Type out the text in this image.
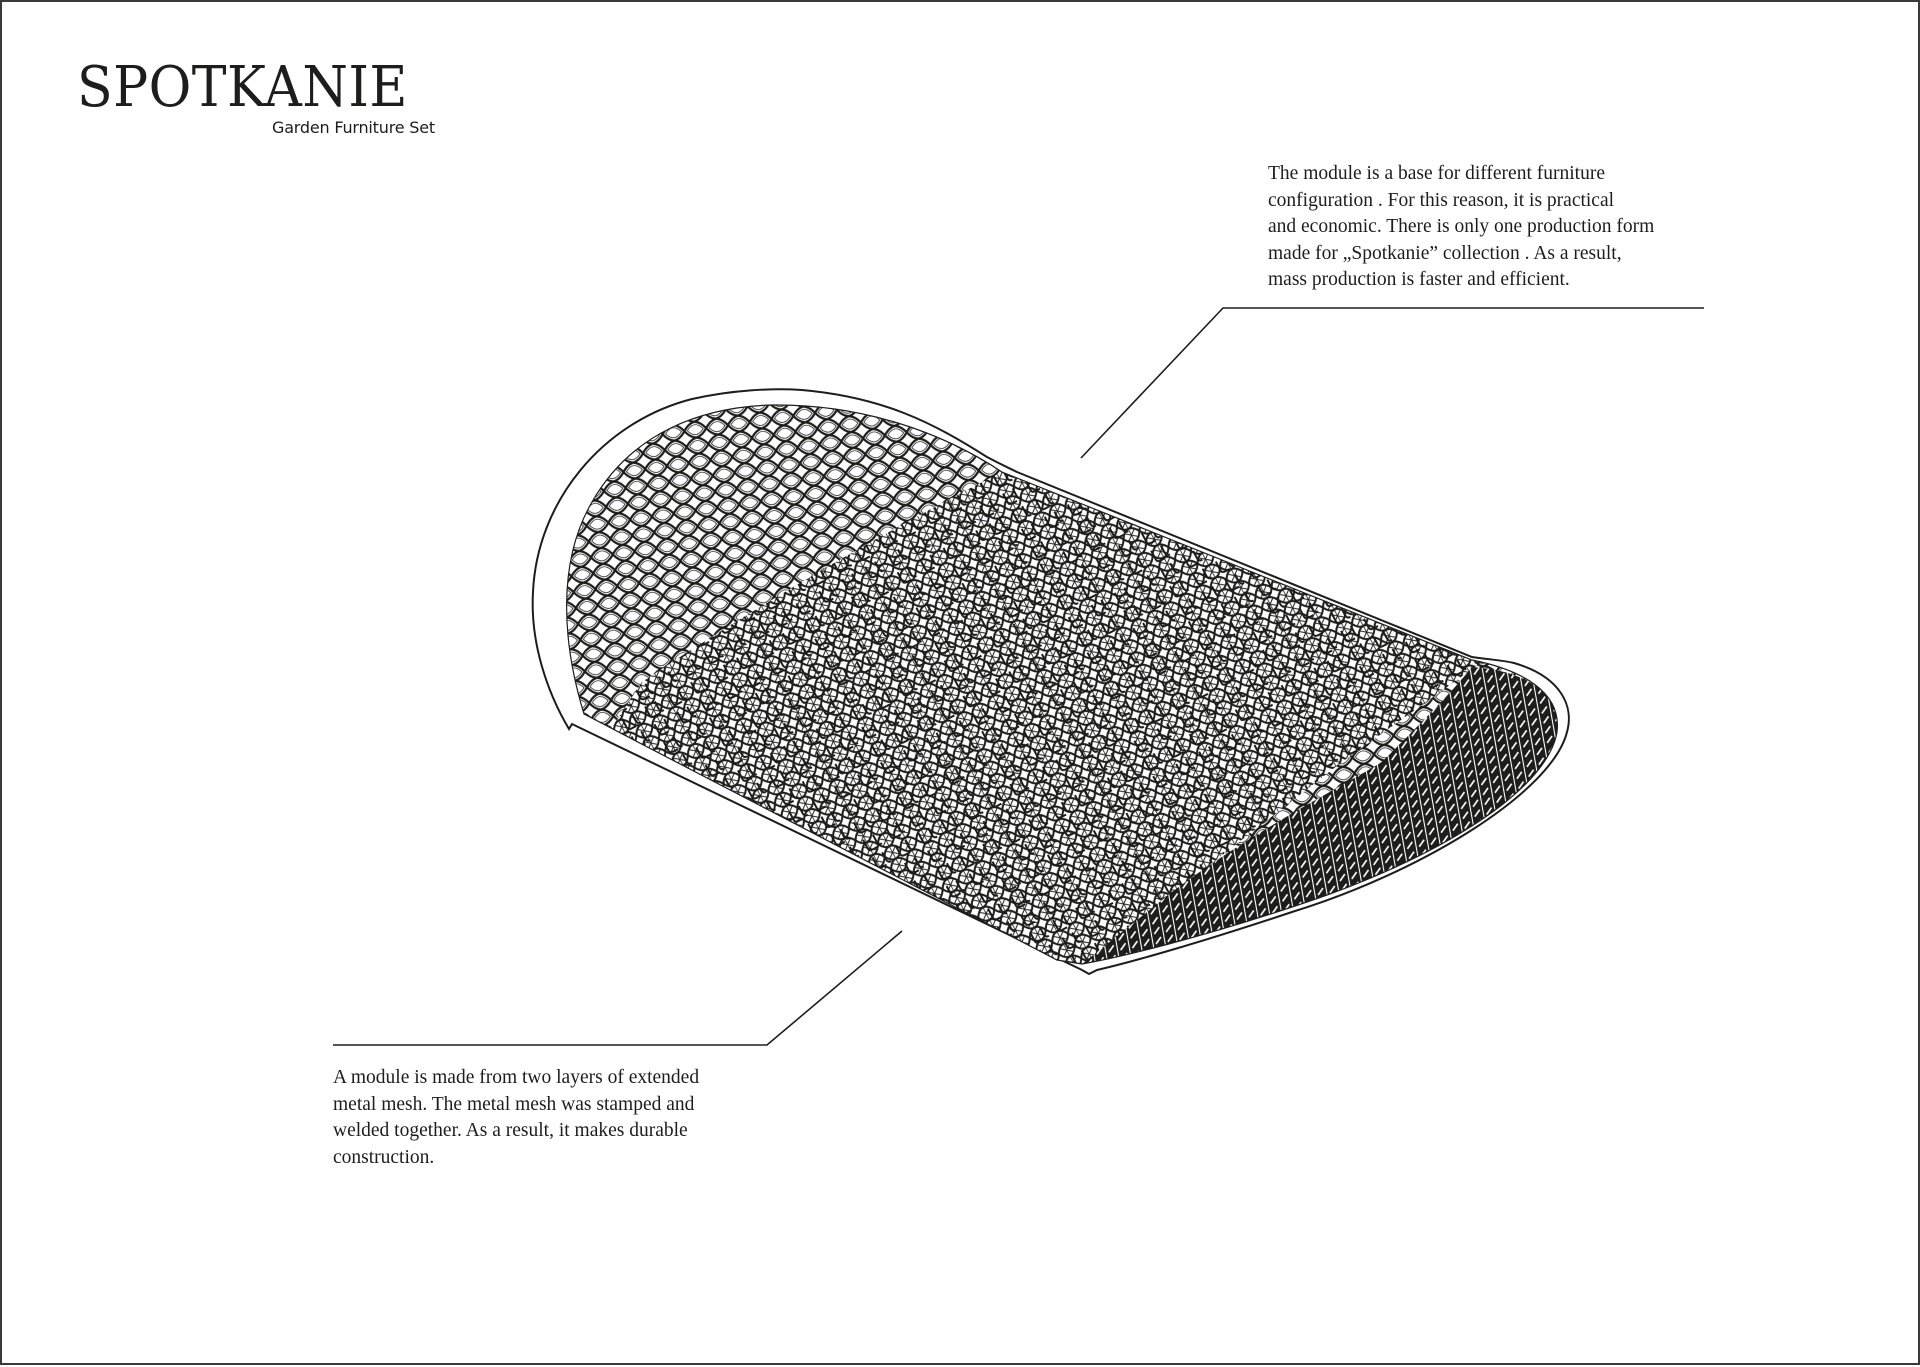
SPOTKANIE
Garden Furniture Set

The module is a base for different furniture
configuration . For this reason, it is practical
and economic. There is only one production form
made for „Spotkanie” collection . As a result,
mass production is faster and efficient.

A module is made from two layers of extended
metal mesh. The metal mesh was stamped and
welded together. As a result, it makes durable
construction.
